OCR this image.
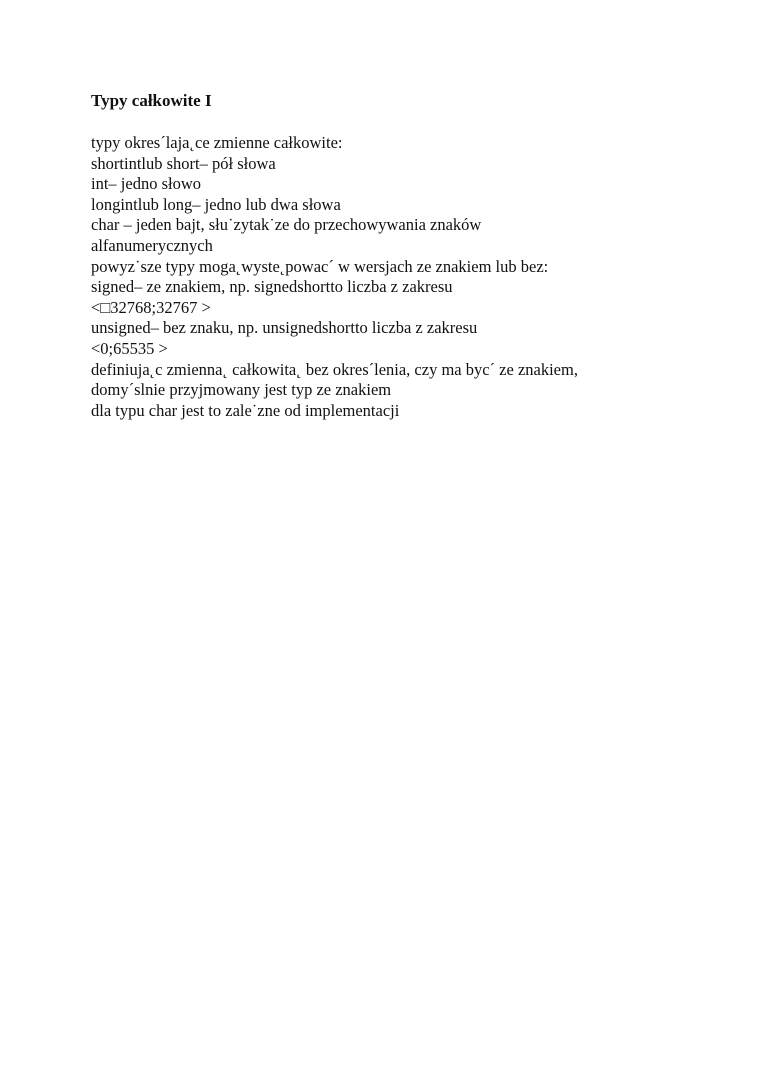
Typy całkowite I
typy okres´laja˛ce zmienne całkowite:
shortintlub short– pół słowa
int– jedno słowo
longintlub long– jedno lub dwa słowa
char – jeden bajt, słu˙zytak˙ze do przechowywania znaków
alfanumerycznych
powyz˙sze typy moga˛wyste˛powac´ w wersjach ze znakiem lub bez:
signed– ze znakiem, np. signedshortto liczba z zakresu
<□32768;32767 >
unsigned– bez znaku, np. unsignedshortto liczba z zakresu
<0;65535 >
definiuja˛c zmienna˛ całkowita˛ bez okres´lenia, czy ma byc´ ze znakiem,
domy´slnie przyjmowany jest typ ze znakiem
dla typu char jest to zale˙zne od implementacji
